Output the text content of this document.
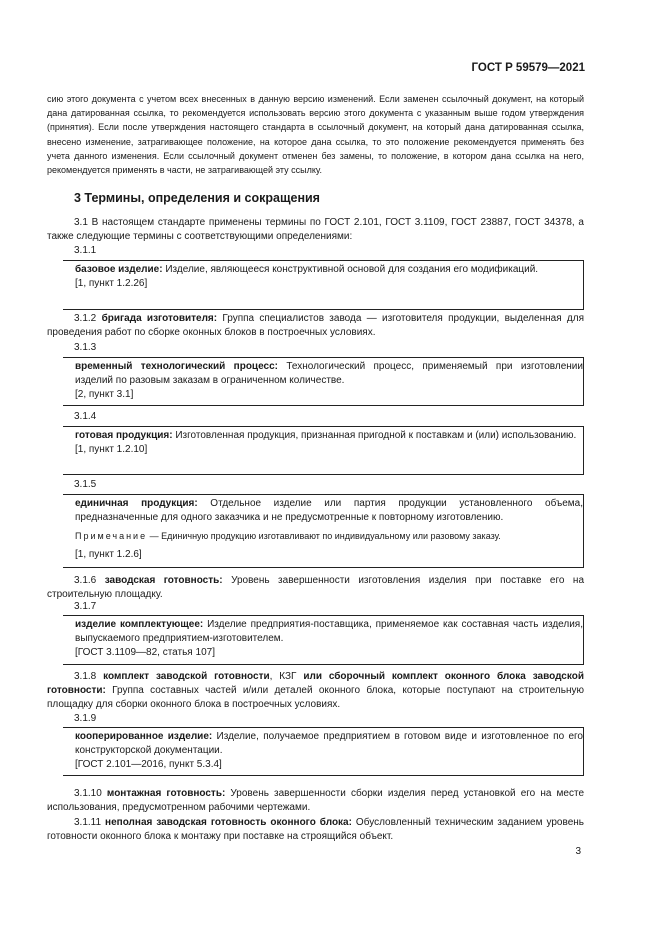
ГОСТ Р 59579—2021
сию этого документа с учетом всех внесенных в данную версию изменений. Если заменен ссылочный документ, на который дана датированная ссылка, то рекомендуется использовать версию этого документа с указанным выше годом утверждения (принятия). Если после утверждения настоящего стандарта в ссылочный документ, на который дана датированная ссылка, внесено изменение, затрагивающее положение, на которое дана ссылка, то это положение рекомендуется применять без учета данного изменения. Если ссылочный документ отменен без замены, то положение, в котором дана ссылка на него, рекомендуется применять в части, не затрагивающей эту ссылку.
3 Термины, определения и сокращения
3.1 В настоящем стандарте применены термины по ГОСТ 2.101, ГОСТ 3.1109, ГОСТ 23887, ГОСТ 34378, а также следующие термины с соответствующими определениями:
3.1.1
базовое изделие: Изделие, являющееся конструктивной основой для создания его модификаций.
[1, пункт 1.2.26]
3.1.2 бригада изготовителя: Группа специалистов завода — изготовителя продукции, выделенная для проведения работ по сборке оконных блоков в построечных условиях.
3.1.3
временный технологический процесс: Технологический процесс, применяемый при изготовлении изделий по разовым заказам в ограниченном количестве.
[2, пункт 3.1]
3.1.4
готовая продукция: Изготовленная продукция, признанная пригодной к поставкам и (или) использованию.
[1, пункт 1.2.10]
3.1.5
единичная продукция: Отдельное изделие или партия продукции установленного объема, предназначенные для одного заказчика и не предусмотренные к повторному изготовлению.
Примечание — Единичную продукцию изготавливают по индивидуальному или разовому заказу.
[1, пункт 1.2.6]
3.1.6 заводская готовность: Уровень завершенности изготовления изделия при поставке его на строительную площадку.
3.1.7
изделие комплектующее: Изделие предприятия-поставщика, применяемое как составная часть изделия, выпускаемого предприятием-изготовителем.
[ГОСТ 3.1109—82, статья 107]
3.1.8 комплект заводской готовности, КЗГ или сборочный комплект оконного блока заводской готовности: Группа составных частей и/или деталей оконного блока, которые поступают на строительную площадку для сборки оконного блока в построечных условиях.
3.1.9
кооперированное изделие: Изделие, получаемое предприятием в готовом виде и изготовленное по его конструкторской документации.
[ГОСТ 2.101—2016, пункт 5.3.4]
3.1.10 монтажная готовность: Уровень завершенности сборки изделия перед установкой его на месте использования, предусмотренном рабочими чертежами.
3.1.11 неполная заводская готовность оконного блока: Обусловленный техническим заданием уровень готовности оконного блока к монтажу при поставке на строящийся объект.
3
